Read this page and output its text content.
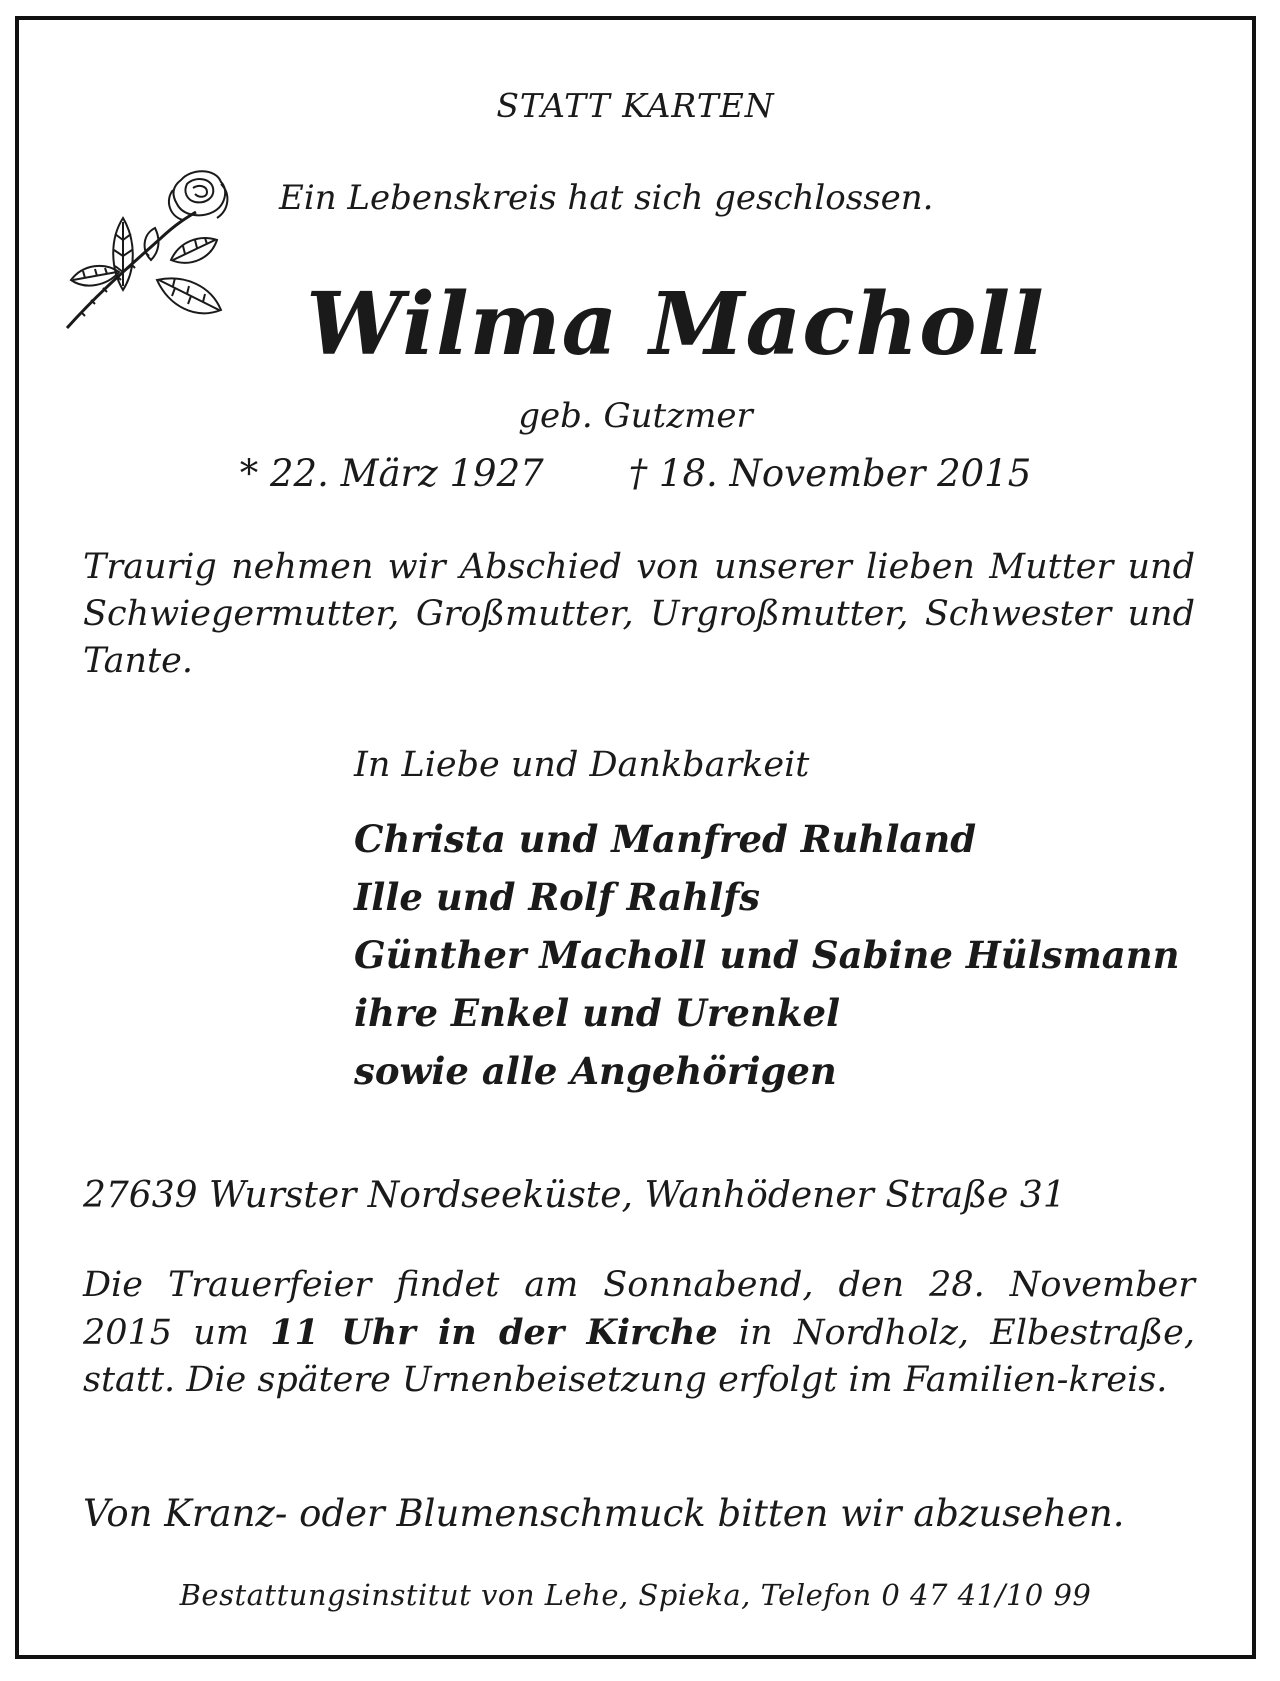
STATT KARTEN

Ein Lebenskreis hat sich geschlossen.

Wilma Macholl

geb. Gutzmer

* 22. März 1927 † 18. November 2015

Traurig nehmen wir Abschied von unserer lieben Mutter und Schwiegermutter, Großmutter, Urgroßmutter, Schwester und Tante.

In Liebe und Dankbarkeit

Christa und Manfred Ruhland
Ille und Rolf Rahlfs
Günther Macholl und Sabine Hülsmann
ihre Enkel und Urenkel
sowie alle Angehörigen

27639 Wurster Nordseeküste, Wanhödener Straße 31

Die Trauerfeier findet am Sonnabend, den 28. November 2015 um 11 Uhr in der Kirche in Nordholz, Elbestraße, statt. Die spätere Urnenbeisetzung erfolgt im Familien-kreis.

Von Kranz- oder Blumenschmuck bitten wir abzusehen.

Bestattungsinstitut von Lehe, Spieka, Telefon 0 47 41/10 99
